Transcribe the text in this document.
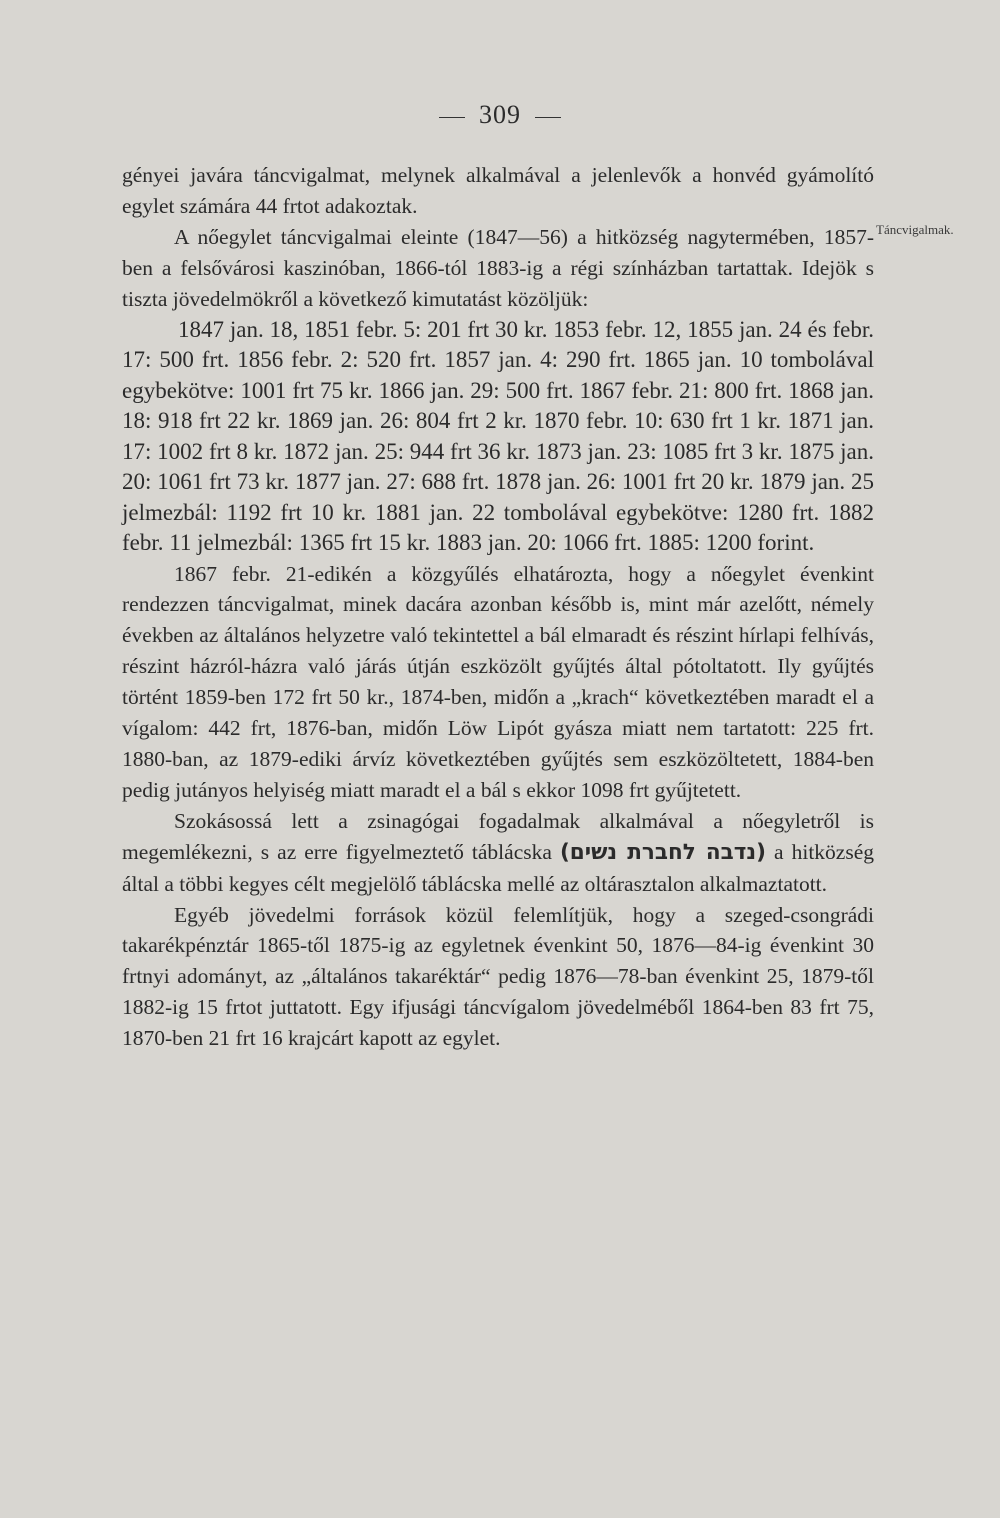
309
Táncvigalmak.

gényei javára táncvigalmat, melynek alkalmával a jelenlevők a honvéd gyámolító egylet számára 44 frtot adakoztak.

A nőegylet táncvigalmai eleinte (1847—56) a hitközség nagytermében, 1857-ben a felsővárosi kaszinóban, 1866-tól 1883-ig a régi színházban tartattak. Idejök s tiszta jövedelmökről a következő kimutatást közöljük:

1847 jan. 18, 1851 febr. 5: 201 frt 30 kr. 1853 febr. 12, 1855 jan. 24 és febr. 17: 500 frt. 1856 febr. 2: 520 frt. 1857 jan. 4: 290 frt. 1865 jan. 10 tombolával egybekötve: 1001 frt 75 kr. 1866 jan. 29: 500 frt. 1867 febr. 21: 800 frt. 1868 jan. 18: 918 frt 22 kr. 1869 jan. 26: 804 frt 2 kr. 1870 febr. 10: 630 frt 1 kr. 1871 jan. 17: 1002 frt 8 kr. 1872 jan. 25: 944 frt 36 kr. 1873 jan. 23: 1085 frt 3 kr. 1875 jan. 20: 1061 frt 73 kr. 1877 jan. 27: 688 frt. 1878 jan. 26: 1001 frt 20 kr. 1879 jan. 25 jelmezbál: 1192 frt 10 kr. 1881 jan. 22 tombolával egybekötve: 1280 frt. 1882 febr. 11 jelmezbál: 1365 frt 15 kr. 1883 jan. 20: 1066 frt. 1885: 1200 forint.

1867 febr. 21-edikén a közgyűlés elhatározta, hogy a nőegylet évenkint rendezzen táncvigalmat, minek dacára azonban később is, mint már azelőtt, némely években az általános helyzetre való tekintettel a bál elmaradt és részint hírlapi felhívás, részint házról-házra való járás útján eszközölt gyűjtés által pótoltatott. Ily gyűjtés történt 1859-ben 172 frt 50 kr., 1874-ben, midőn a „krach“ következtében maradt el a vígalom: 442 frt, 1876-ban, midőn Löw Lipót gyásza miatt nem tartatott: 225 frt. 1880-ban, az 1879-ediki árvíz következtében gyűjtés sem eszközöltetett, 1884-ben pedig jutányos helyiség miatt maradt el a bál s ekkor 1098 frt gyűjtetett.

Szokásossá lett a zsinagógai fogadalmak alkalmával a nőegyletről is megemlékezni, s az erre figyelmeztető táblácska (נדבה לחברת נשים) a hitközség által a többi kegyes célt megjelölő táblácska mellé az oltárasztalon alkalmaztatott.

Egyéb jövedelmi források közül felemlítjük, hogy a szeged-csongrádi takarékpénztár 1865-től 1875-ig az egyletnek évenkint 50, 1876—84-ig évenkint 30 frtnyi adományt, az „általános takaréktár“ pedig 1876—78-ban évenkint 25, 1879-től 1882-ig 15 frtot juttatott. Egy ifjusági táncvígalom jövedelméből 1864-ben 83 frt 75, 1870-ben 21 frt 16 krajcárt kapott az egylet.
